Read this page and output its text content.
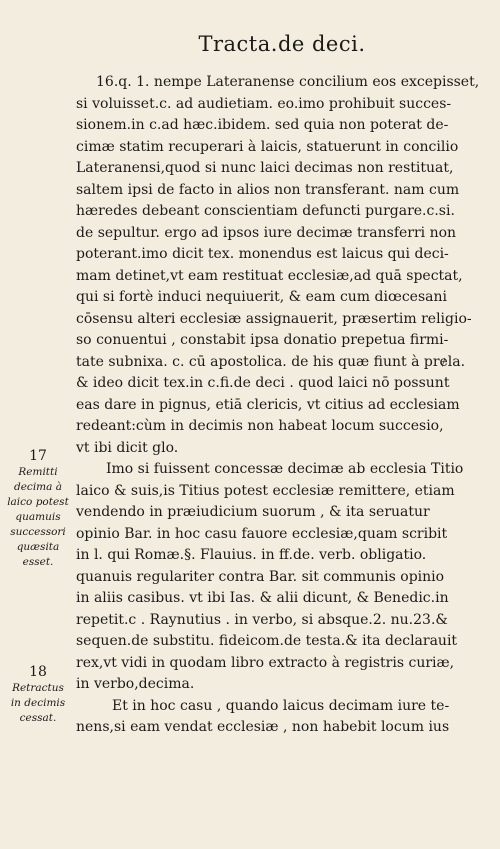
Tracta.de deci.
16.q. 1. nempe Lateranense concilium eos excepisset,
si voluisset.c. ad audietiam. eo.imo prohibuit succes-
sionem.in c.ad hæc.ibidem. sed quia non poterat de-
cimæ statim recuperari à laicis, statuerunt in concilio
Lateranensi,quod si nunc laici decimas non restituat,
saltem ipsi de facto in alios non transferant. nam cum
hæredes debeant conscientiam defuncti purgare.c.si.
de sepultur. ergo ad ipsos iure decimæ transferri non
poterant.imo dicit tex. monendus est laicus qui deci-
mam detinet,vt eam restituat ecclesiæ,ad quā spectat,
qui si fortè induci nequiuerit, & eam cum diœcesani
cōsensu alteri ecclesiæ assignauerit, præsertim religio-
so conuentui , constabit ipsa donatio prepetua firmi-
tate subnixa. c. cū apostolica. de his quæ fiunt à prɇla.
& ideo dicit tex.in c.fi.de deci . quod laici nō possunt
eas dare in pignus, etiā clericis, vt citius ad ecclesiam
redeant:cùm in decimis non habeat locum succesio,
vt ibi dicit glo.
Imo si fuissent concessæ decimæ ab ecclesia Titio
laico & suis,is Titius potest ecclesiæ remittere, etiam
vendendo in præiudicium suorum , & ita seruatur
opinio Bar. in hoc casu fauore ecclesiæ,quam scribit
in l. qui Romæ.§. Flauius. in ff.de. verb. obligatio.
quanuis regulariter contra Bar. sit communis opinio
in aliis casibus. vt ibi Ias. & alii dicunt, & Benedic.in
repetit.c . Raynutius . in verbo, si absque.2. nu.23.&
sequen.de substitu. fideicom.de testa.& ita declarauit
rex,vt vidi in quodam libro extracto à registris curiæ,
in verbo,decima.
Et in hoc casu , quando laicus decimam iure te-
nens,si eam vendat ecclesiæ , non habebit locum ius
17
Remitti
decima à
laico potest
quamuis
successori
quæsita
esset.
18
Retractus
in decimis
cessat.
